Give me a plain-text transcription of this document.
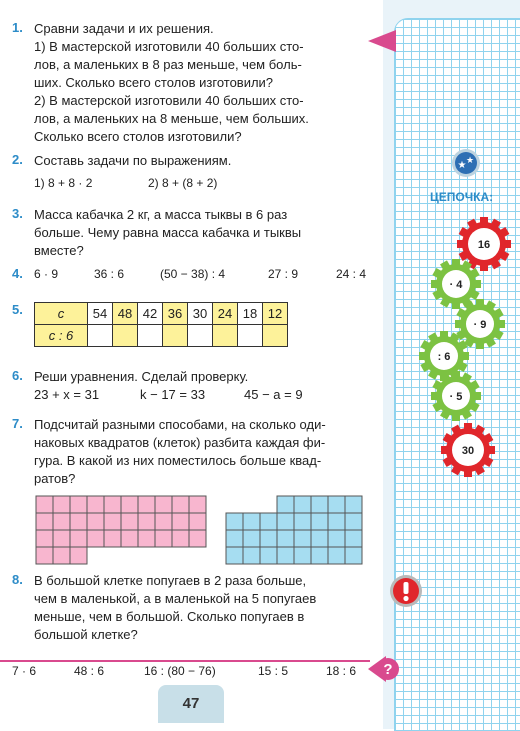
1. Сравни задачи и их решения.
1) В мастерской изготовили 40 больших сто-
лов, а маленьких в 8 раз меньше, чем боль-
ших. Сколько всего столов изготовили?
2) В мастерской изготовили 40 больших сто-
лов, а маленьких на 8 меньше, чем больших.
Сколько всего столов изготовили?
2. Составь задачи по выражениям.
1) 8 + 8 · 2	2) 8 + (8 + 2)
3. Масса кабачка 2 кг, а масса тыквы в 6 раз
больше. Чему равна масса кабачка и тыквы
вместе?
4. 6 · 9	36 : 6	(50 − 38) : 4	27 : 9	24 : 4
5.	c	54	48	42	36	30	24	18	12
c : 6								
6. Реши уравнения. Сделай проверку.
23 + x = 31	k − 17 = 33	45 − a = 9
7. Подсчитай разными способами, на сколько оди-
наковых квадратов (клеток) разбита каждая фи-
гура. В какой из них поместилось больше квад-
ратов?
8. В большой клетке попугаев в 2 раза больше,
чем в маленькой, а в маленькой на 5 попугаев
меньше, чем в большой. Сколько попугаев в
большой клетке?
7 · 6	48 : 6	16 : (80 − 76)	15 : 5	18 : 6 ?
47
★ ★
ЦЕПОЧКА:
16
· 4
· 9
: 6
· 5
30
